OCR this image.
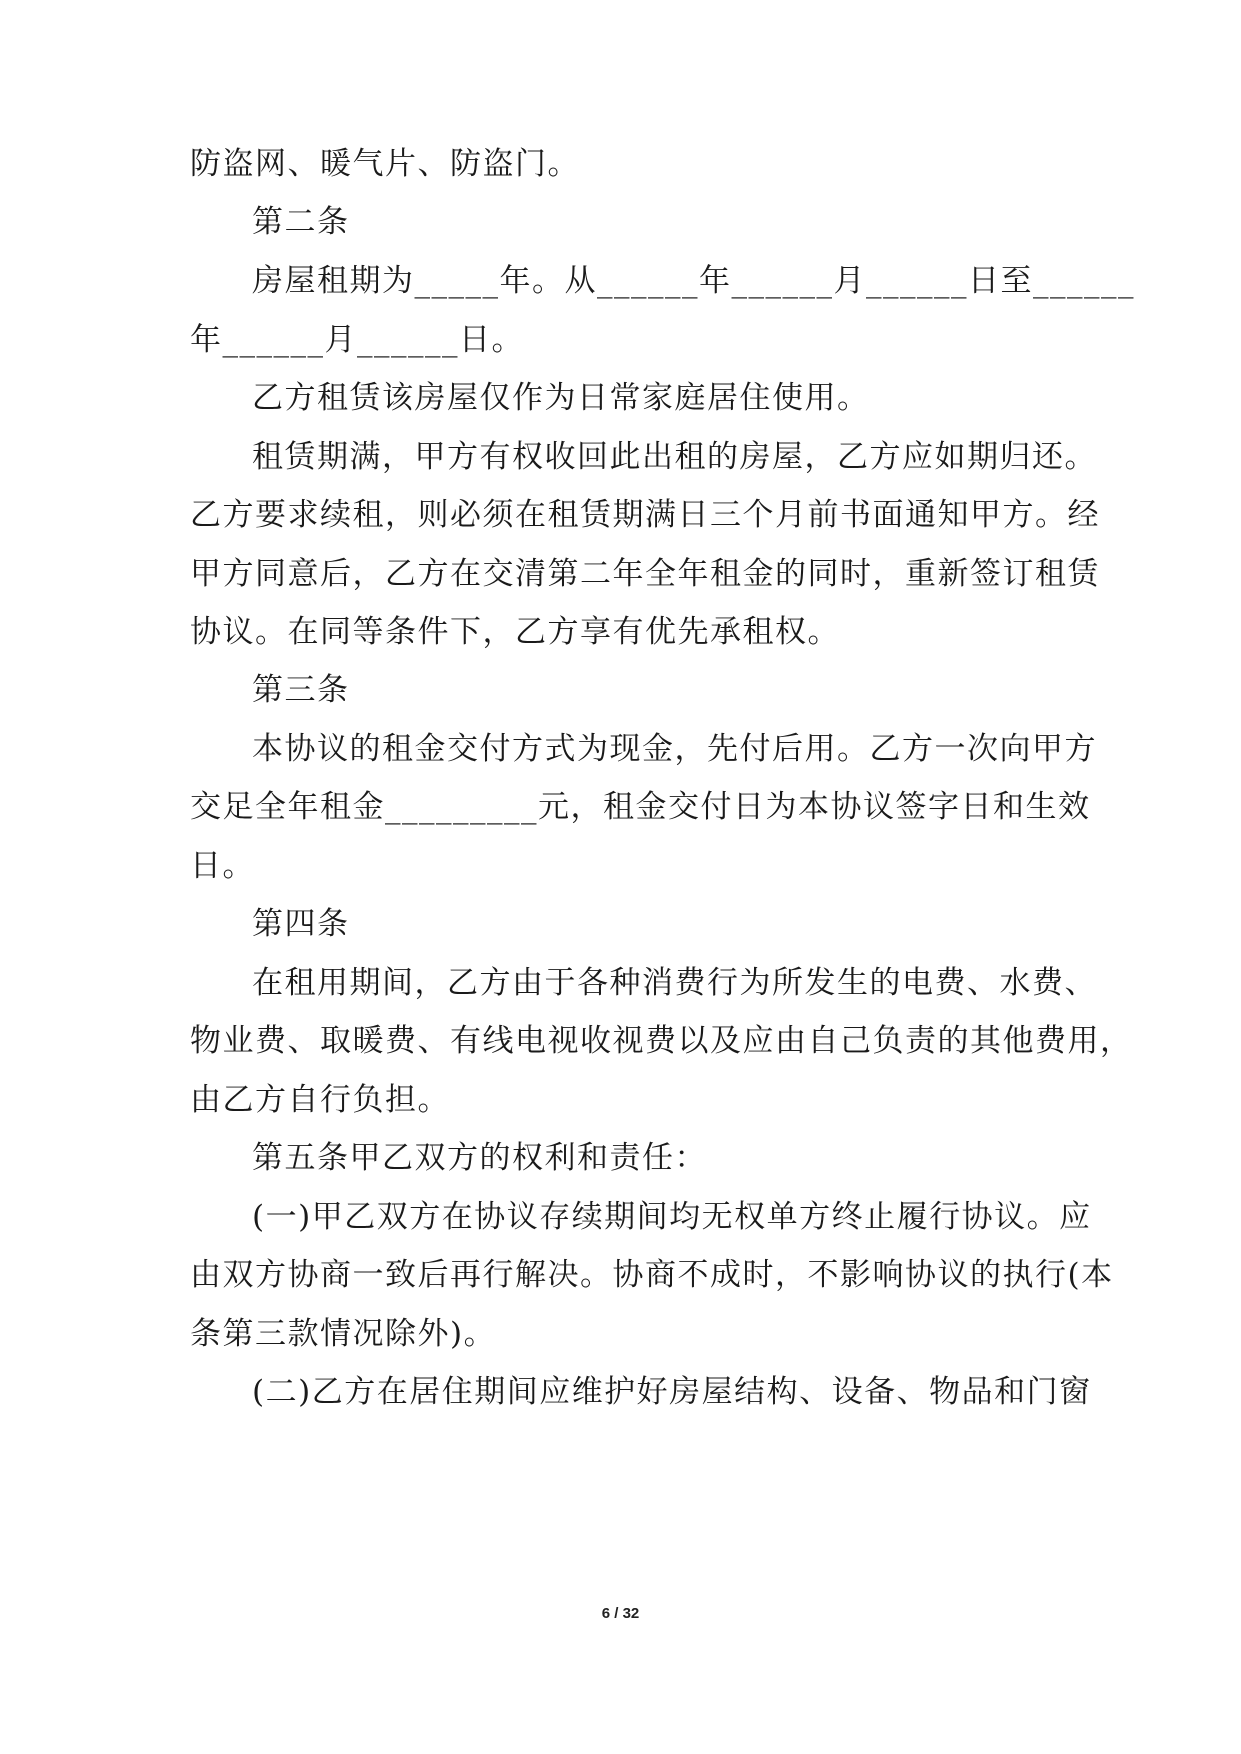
防盗网、暖气片、防盗门。
第二条
房屋租期为_____年。从______年______月______日至______
年______月______日。
乙方租赁该房屋仅作为日常家庭居住使用。
租赁期满，甲方有权收回此出租的房屋，乙方应如期归还。
乙方要求续租，则必须在租赁期满日三个月前书面通知甲方。经
甲方同意后，乙方在交清第二年全年租金的同时，重新签订租赁
协议。在同等条件下，乙方享有优先承租权。
第三条
本协议的租金交付方式为现金，先付后用。乙方一次向甲方
交足全年租金_________元，租金交付日为本协议签字日和生效
日。
第四条
在租用期间，乙方由于各种消费行为所发生的电费、水费、
物业费、取暖费、有线电视收视费以及应由自己负责的其他费用，
由乙方自行负担。
第五条甲乙双方的权利和责任：
(一)甲乙双方在协议存续期间均无权单方终止履行协议。应
由双方协商一致后再行解决。协商不成时，不影响协议的执行(本
条第三款情况除外)。
(二)乙方在居住期间应维护好房屋结构、设备、物品和门窗
6 / 32
